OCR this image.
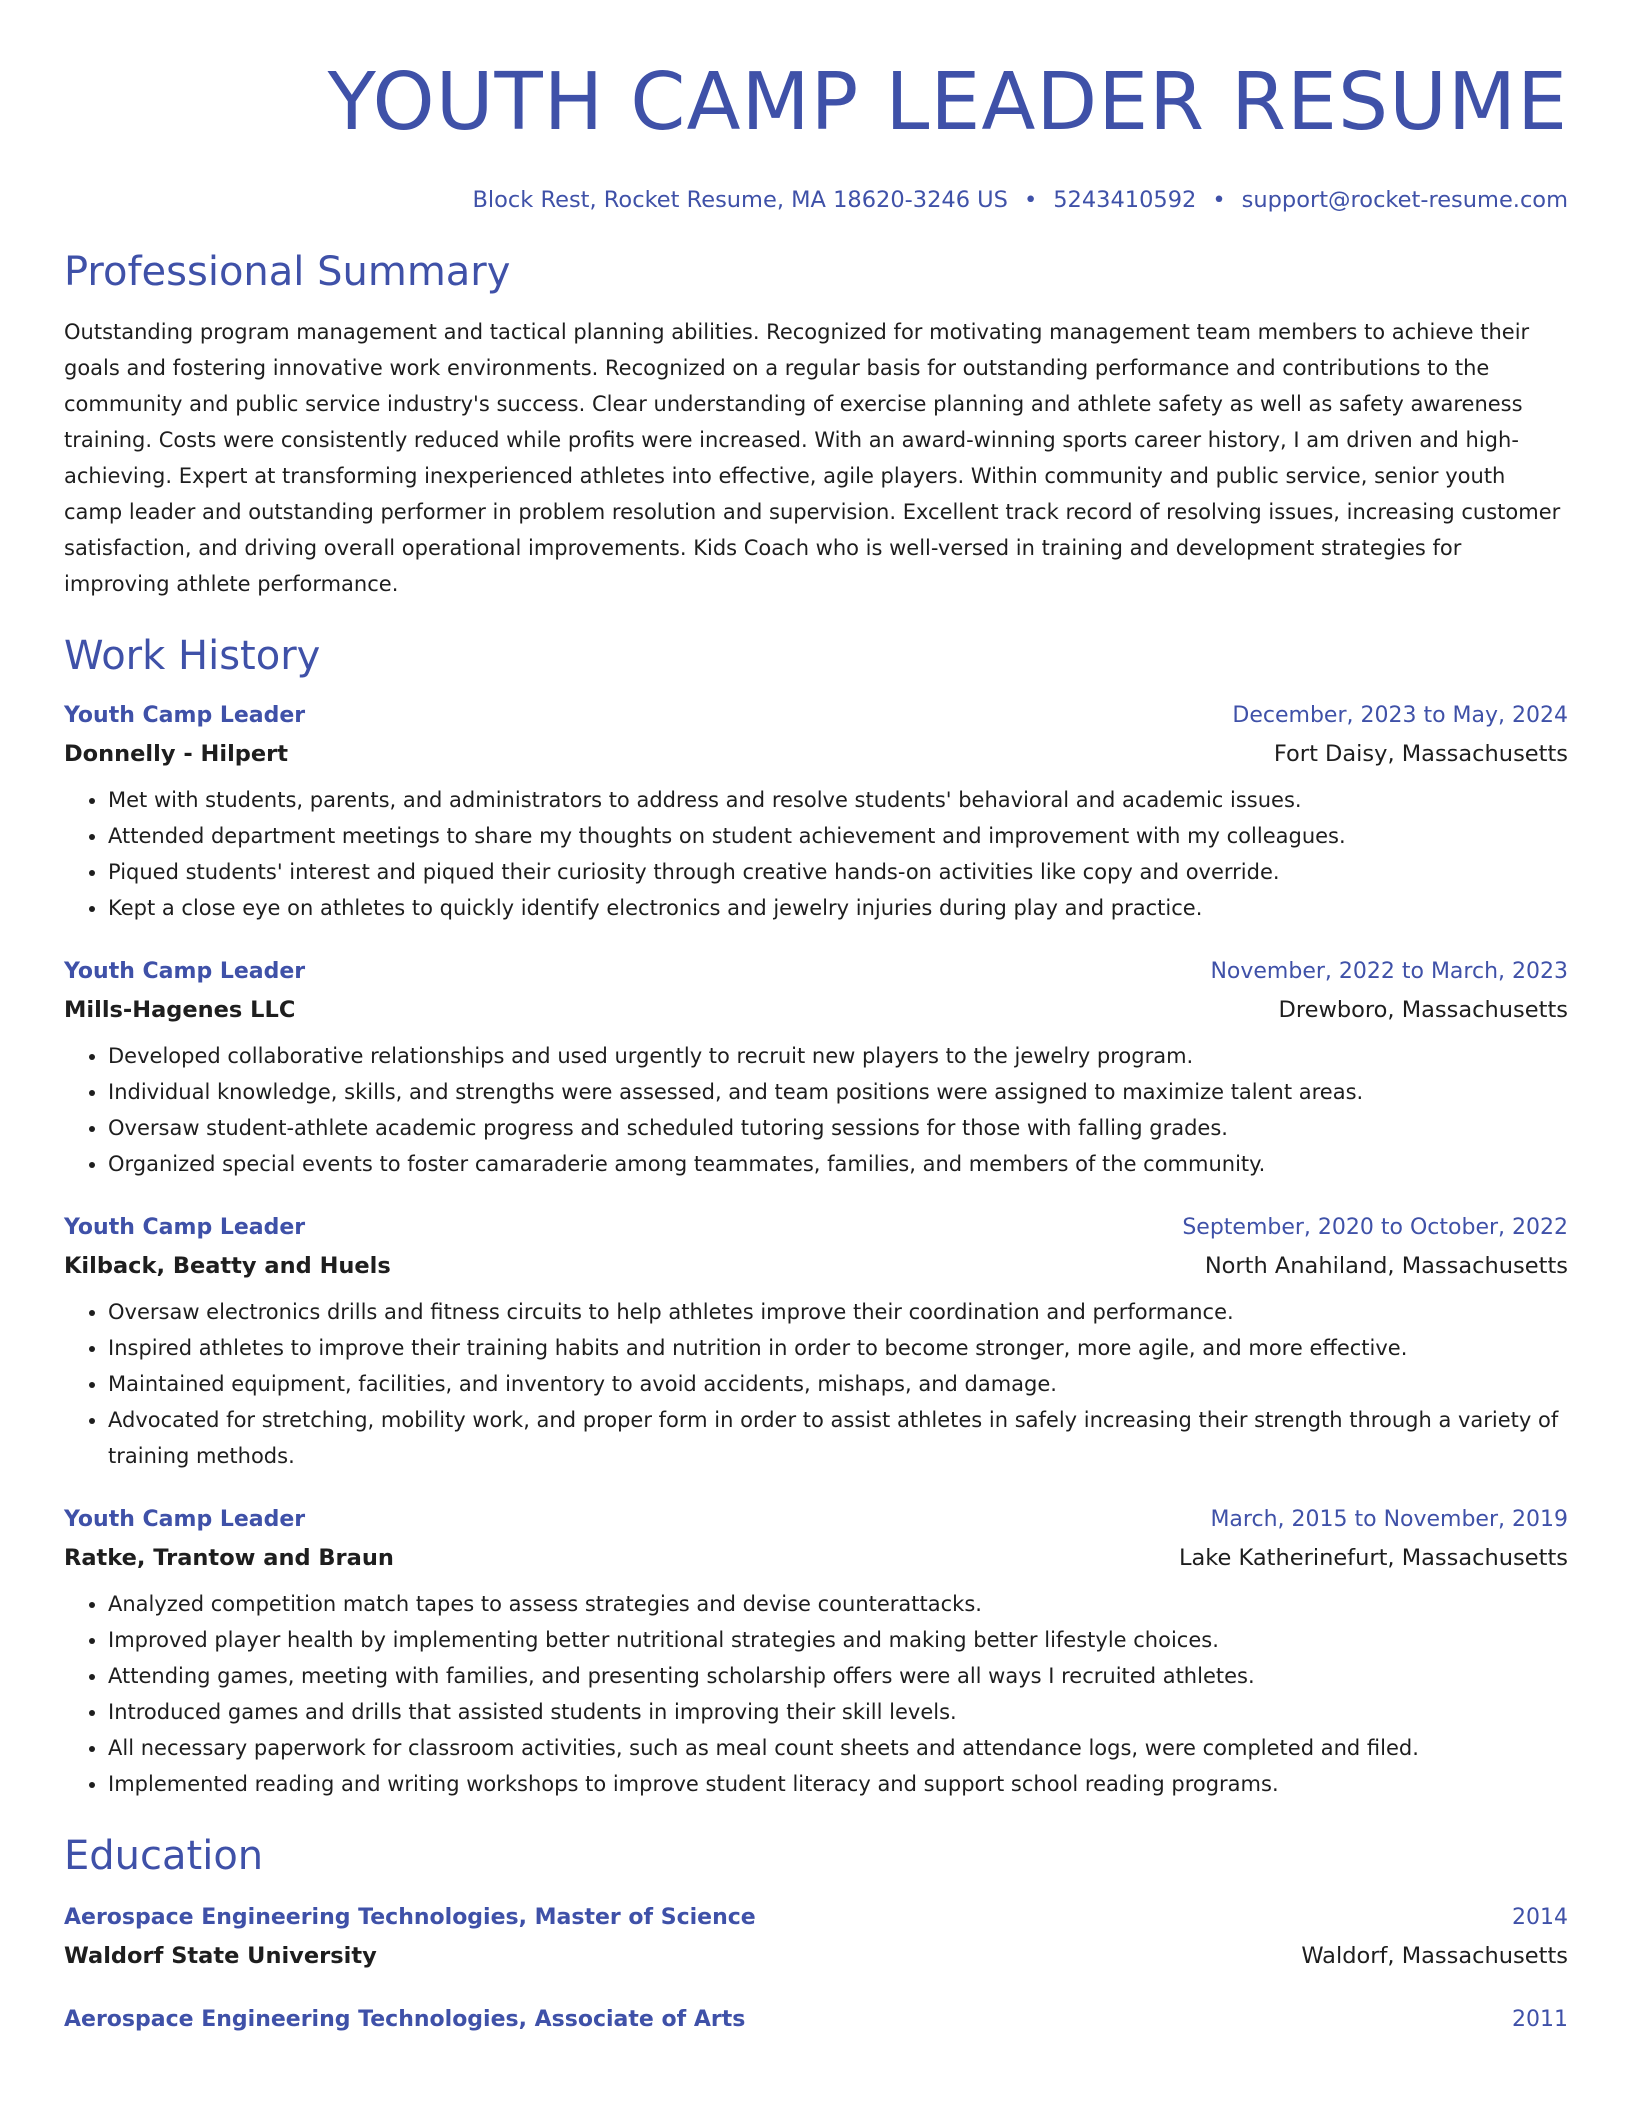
YOUTH CAMP LEADER RESUME
Block Rest, Rocket Resume, MA 18620-3246 US • 5243410592 • support@rocket-resume.com
Professional Summary

Outstanding program management and tactical planning abilities. Recognized for motivating management team members to achieve their goals and fostering innovative work environments. Recognized on a regular basis for outstanding performance and contributions to the community and public service industry's success. Clear understanding of exercise planning and athlete safety as well as safety awareness training. Costs were consistently reduced while profits were increased. With an award-winning sports career history, I am driven and high-achieving. Expert at transforming inexperienced athletes into effective, agile players. Within community and public service, senior youth camp leader and outstanding performer in problem resolution and supervision. Excellent track record of resolving issues, increasing customer satisfaction, and driving overall operational improvements. Kids Coach who is well-versed in training and development strategies for improving athlete performance.

Work History
Youth Camp Leader	December, 2023 to May, 2024
Donnelly - Hilpert	Fort Daisy, Massachusetts
• Met with students, parents, and administrators to address and resolve students' behavioral and academic issues.
• Attended department meetings to share my thoughts on student achievement and improvement with my colleagues.
• Piqued students' interest and piqued their curiosity through creative hands-on activities like copy and override.
• Kept a close eye on athletes to quickly identify electronics and jewelry injuries during play and practice.
Youth Camp Leader	November, 2022 to March, 2023
Mills-Hagenes LLC	Drewboro, Massachusetts
• Developed collaborative relationships and used urgently to recruit new players to the jewelry program.
• Individual knowledge, skills, and strengths were assessed, and team positions were assigned to maximize talent areas.
• Oversaw student-athlete academic progress and scheduled tutoring sessions for those with falling grades.
• Organized special events to foster camaraderie among teammates, families, and members of the community.
Youth Camp Leader	September, 2020 to October, 2022
Kilback, Beatty and Huels	North Anahiland, Massachusetts
• Oversaw electronics drills and fitness circuits to help athletes improve their coordination and performance.
• Inspired athletes to improve their training habits and nutrition in order to become stronger, more agile, and more effective.
• Maintained equipment, facilities, and inventory to avoid accidents, mishaps, and damage.
• Advocated for stretching, mobility work, and proper form in order to assist athletes in safely increasing their strength through a variety of training methods.
Youth Camp Leader	March, 2015 to November, 2019
Ratke, Trantow and Braun	Lake Katherinefurt, Massachusetts
• Analyzed competition match tapes to assess strategies and devise counterattacks.
• Improved player health by implementing better nutritional strategies and making better lifestyle choices.
• Attending games, meeting with families, and presenting scholarship offers were all ways I recruited athletes.
• Introduced games and drills that assisted students in improving their skill levels.
• All necessary paperwork for classroom activities, such as meal count sheets and attendance logs, were completed and filed.
• Implemented reading and writing workshops to improve student literacy and support school reading programs.
Education
Aerospace Engineering Technologies, Master of Science	2014
Waldorf State University	Waldorf, Massachusetts
Aerospace Engineering Technologies, Associate of Arts	2011
